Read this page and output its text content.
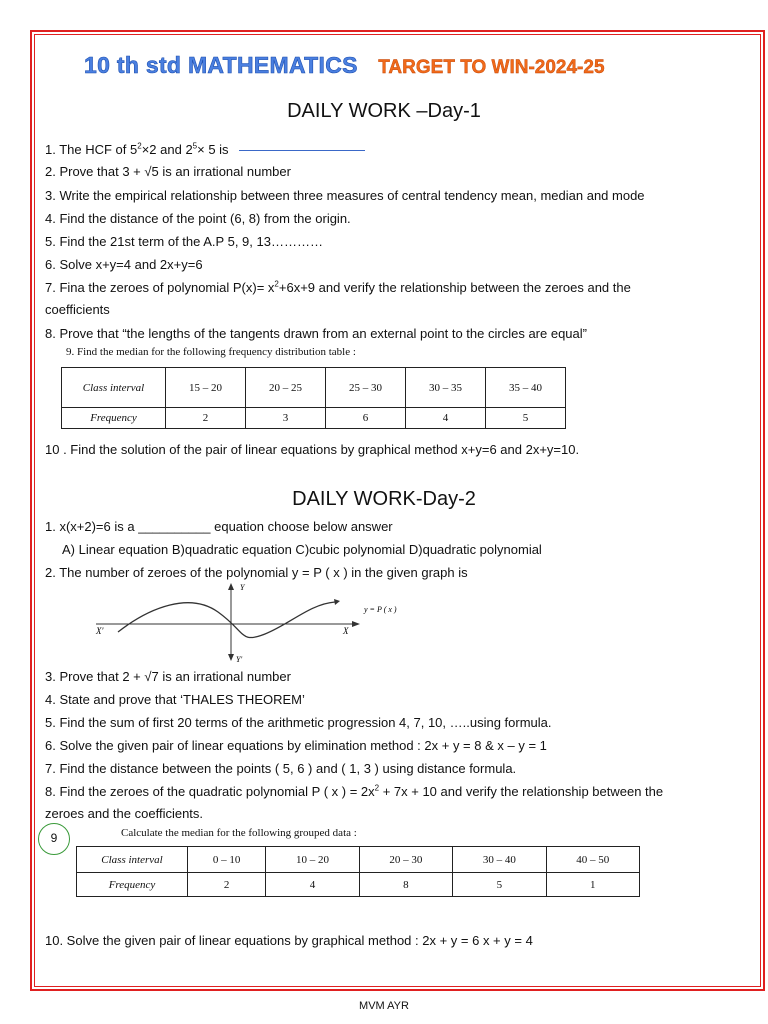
10 th std MATHEMATICS TARGET TO WIN-2024-25
DAILY WORK –Day-1
1. The HCF of $5^2\times 2$ and $2^5\times 5$ is
2. Prove that 3 + √5 is an irrational number
3. Write the empirical relationship between three measures of central tendency mean, median and mode
4. Find the distance of the point (6, 8) from the origin.
5. Find the 21st term of the A.P 5, 9, 13…………
6. Solve x+y=4 and 2x+y=6
7. Fina the zeroes of polynomial $P(x)= x^2+6x+9$ and verify the relationship between the zeroes and the
coefficients
8. Prove that “the lengths of the tangents drawn from an external point to the circles are equal”
9. Find the median for the following frequency distribution table :
Class interval	15 – 20	20 – 25	25 – 30	30 – 35	35 – 40
Frequency	2	3	6	4	5
10 . Find the solution of the pair of linear equations by graphical method x+y=6 and 2x+y=10.
DAILY WORK-Day-2
1. x(x+2)=6 is a __________ equation choose below answer
A) Linear equation B)quadratic equation C)cubic polynomial D)quadratic polynomial
2. The number of zeroes of the polynomial y = P ( x ) in the given graph is
Y
Y'
X
X'
y = P ( x )
3. Prove that 2 + √7 is an irrational number
4. State and prove that ‘THALES THEOREM’
5. Find the sum of first 20 terms of the arithmetic progression 4, 7, 10, …..using formula.
6. Solve the given pair of linear equations by elimination method : 2x + y = 8 & x – y = 1
7. Find the distance between the points ( 5, 6 ) and ( 1, 3 ) using distance formula.
8. Find the zeroes of the quadratic polynomial P ( x ) = $2x^2 + 7x + 10$ and verify the relationship between the
zeroes and the coefficients.
9	Calculate the median for the following grouped data :
Class interval	0 – 10	10 – 20	20 – 30	30 – 40	40 – 50
Frequency	2	4	8	5	1
10. Solve the given pair of linear equations by graphical method : 2x + y = 6 x + y = 4
MVM AYR
